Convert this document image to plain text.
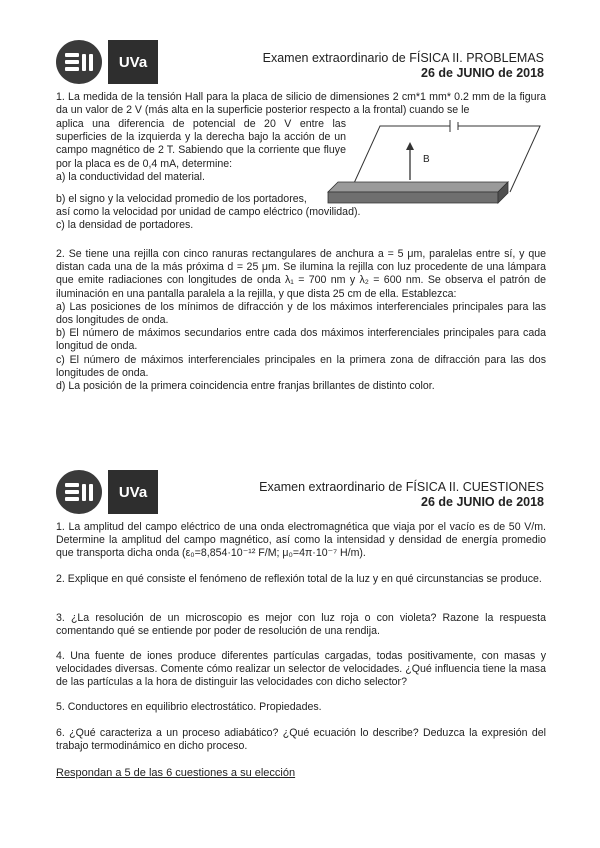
UVa	Examen extraordinario de FÍSICA II. PROBLEMAS
26 de JUNIO de 2018

1. La medida de la tensión Hall para la placa de silicio de dimensiones 2 cm*1 mm* 0.2 mm de la figura da un valor de 2 V (más alta en la superficie posterior respecto a la frontal) cuando se le

aplica una diferencia de potencial de 20 V entre las superficies de la izquierda y la derecha bajo la acción de un campo magnético de 2 T. Sabiendo que la corriente que fluye por la placa es de 0,4 mA, determine:

a) la conductividad del material.

b) el signo y la velocidad promedio de los portadores,

así como la velocidad por unidad de campo eléctrico (movilidad).

c) la densidad de portadores.

B

2. Se tiene una rejilla con cinco ranuras rectangulares de anchura a = 5 μm, paralelas entre sí, y que distan cada una de la más próxima d = 25 μm. Se ilumina la rejilla con luz procedente de una lámpara que emite radiaciones con longitudes de onda λ₁ = 700 nm y λ₂ = 600 nm. Se observa el patrón de iluminación en una pantalla paralela a la rejilla, y que dista 25 cm de ella. Establezca:

a) Las posiciones de los mínimos de difracción y de los máximos interferenciales principales para las dos longitudes de onda.

b) El número de máximos secundarios entre cada dos máximos interferenciales principales para cada longitud de onda.

c) El número de máximos interferenciales principales en la primera zona de difracción para las dos longitudes de onda.

d) La posición de la primera coincidencia entre franjas brillantes de distinto color.

UVa	Examen extraordinario de FÍSICA II. CUESTIONES
26 de JUNIO de 2018

1. La amplitud del campo eléctrico de una onda electromagnética que viaja por el vacío es de 50 V/m. Determine la amplitud del campo magnético, así como la intensidad y densidad de energía promedio que transporta dicha onda (ε₀=8,854·10⁻¹² F/M; μ₀=4π·10⁻⁷ H/m).

2. Explique en qué consiste el fenómeno de reflexión total de la luz y en qué circunstancias se produce.

3. ¿La resolución de un microscopio es mejor con luz roja o con violeta? Razone la respuesta comentando qué se entiende por poder de resolución de una rendija.

4. Una fuente de iones produce diferentes partículas cargadas, todas positivamente, con masas y velocidades diversas. Comente cómo realizar un selector de velocidades. ¿Qué influencia tiene la masa de las partículas a la hora de distinguir las velocidades con dicho selector?

5. Conductores en equilibrio electrostático. Propiedades.

6. ¿Qué caracteriza a un proceso adiabático? ¿Qué ecuación lo describe? Deduzca la expresión del trabajo termodinámico en dicho proceso.

Respondan a 5 de las 6 cuestiones a su elección
